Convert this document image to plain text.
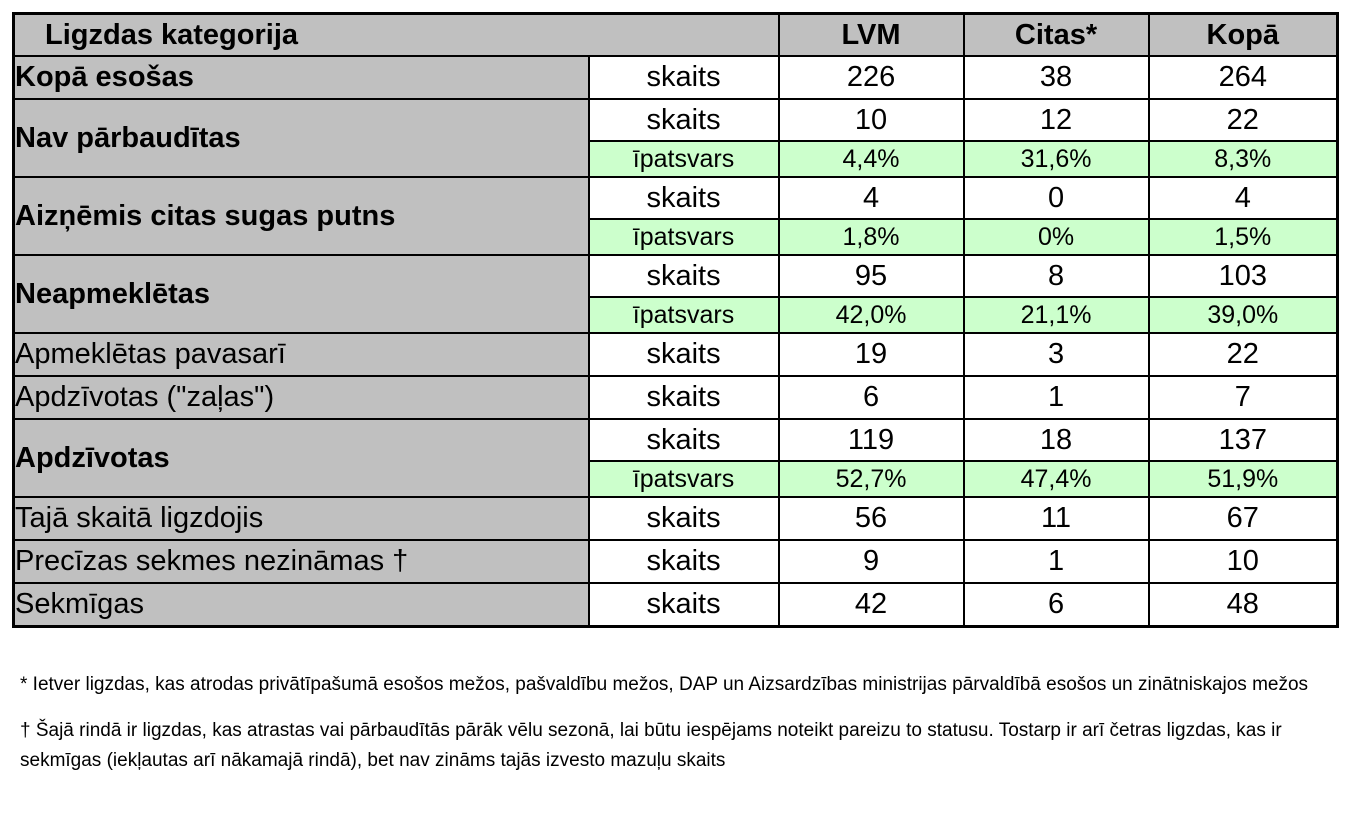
Ligzdas kategorija		LVM	Citas*	Kopā
Kopā esošas	skaits	226	38	264
Nav pārbaudītas	skaits	10	12	22
	īpatsvars	4,4%	31,6%	8,3%
Aizņēmis citas sugas putns	skaits	4	0	4
	īpatsvars	1,8%	0%	1,5%
Neapmeklētas	skaits	95	8	103
	īpatsvars	42,0%	21,1%	39,0%
Apmeklētas pavasarī	skaits	19	3	22
Apdzīvotas ("zaļas")	skaits	6	1	7
Apdzīvotas	skaits	119	18	137
	īpatsvars	52,7%	47,4%	51,9%
Tajā skaitā ligzdojis	skaits	56	11	67
Precīzas sekmes nezināmas †	skaits	9	1	10
Sekmīgas	skaits	42	6	48

* Ietver ligzdas, kas atrodas privātīpašumā esošos mežos, pašvaldību mežos, DAP un Aizsardzības ministrijas pārvaldībā esošos un zinātniskajos mežos

† Šajā rindā ir ligzdas, kas atrastas vai pārbaudītās pārāk vēlu sezonā, lai būtu iespējams noteikt pareizu to statusu. Tostarp ir arī četras ligzdas, kas ir sekmīgas (iekļautas arī nākamajā rindā), bet nav zināms tajās izvesto mazuļu skaits
